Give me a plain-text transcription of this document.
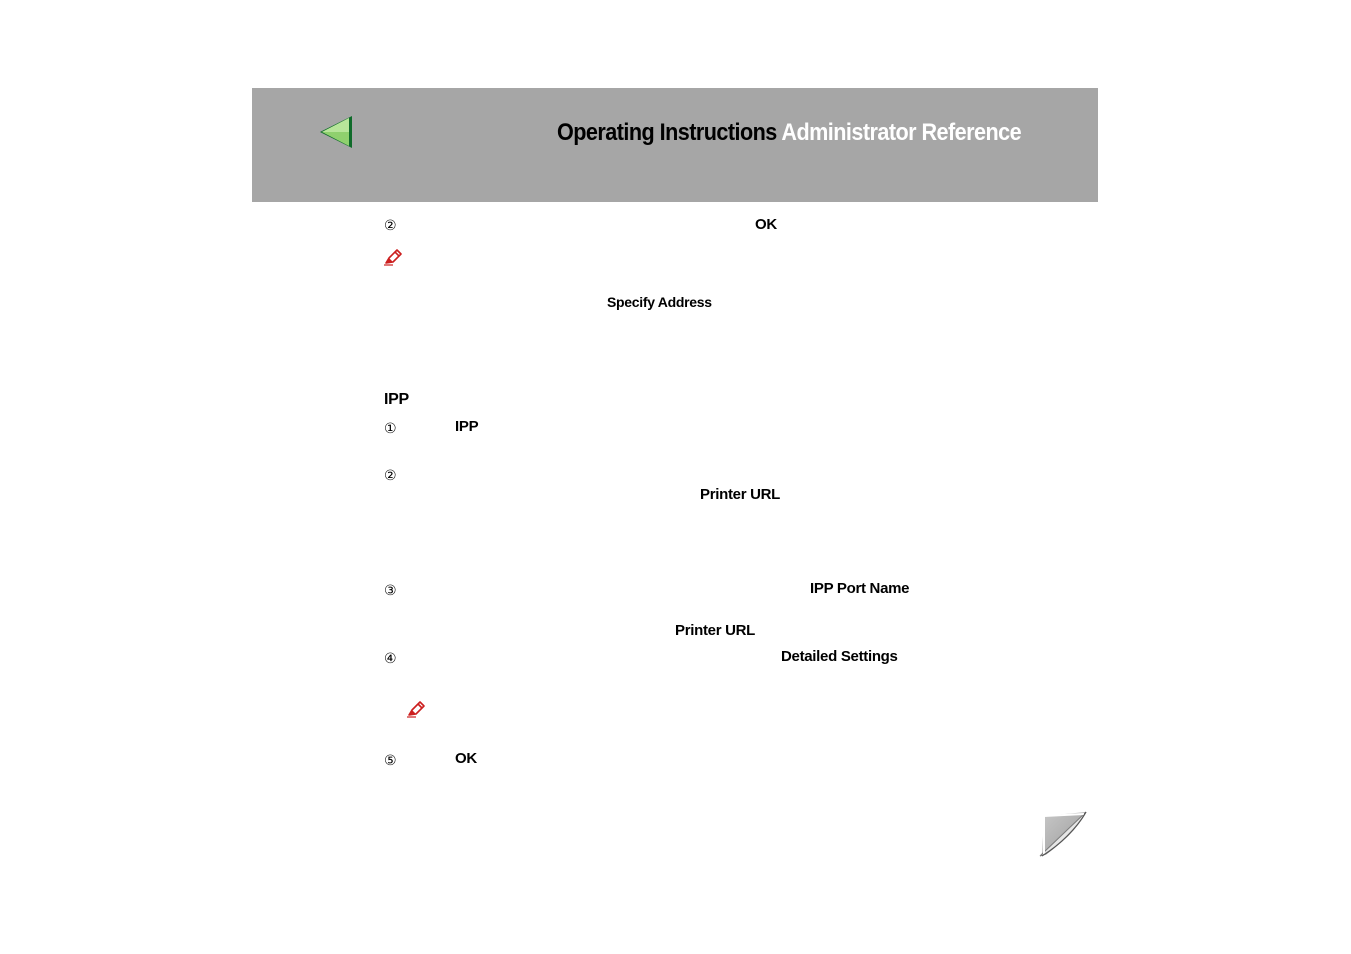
Operating Instructions Administrator Reference
②	OK
Specify Address
IPP
①	IPP
②
Printer URL
③	IPP Port Name
Printer URL
④	Detailed Settings
⑤	OK
